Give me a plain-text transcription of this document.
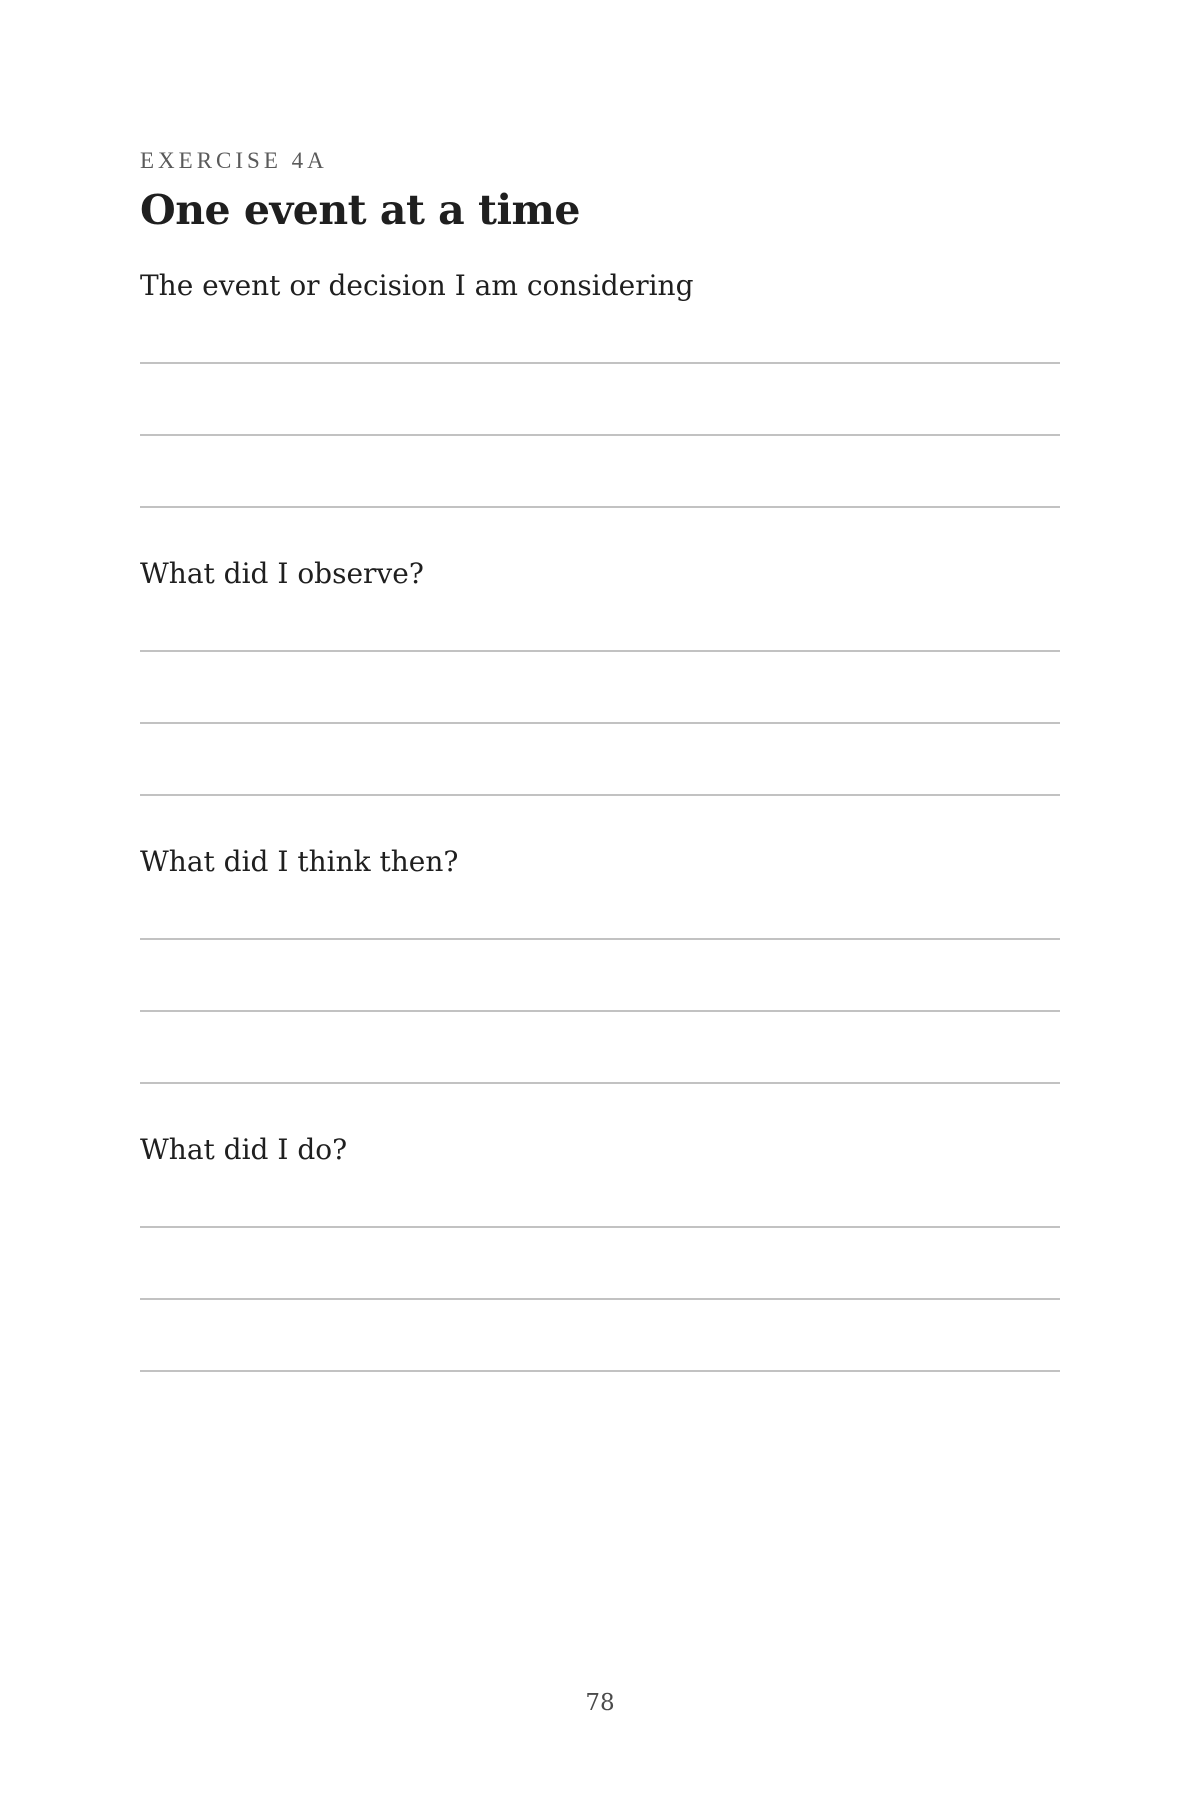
EXERCISE 4A
One event at a time
The event or decision I am considering
What did I observe?
What did I think then?
What did I do?
78
